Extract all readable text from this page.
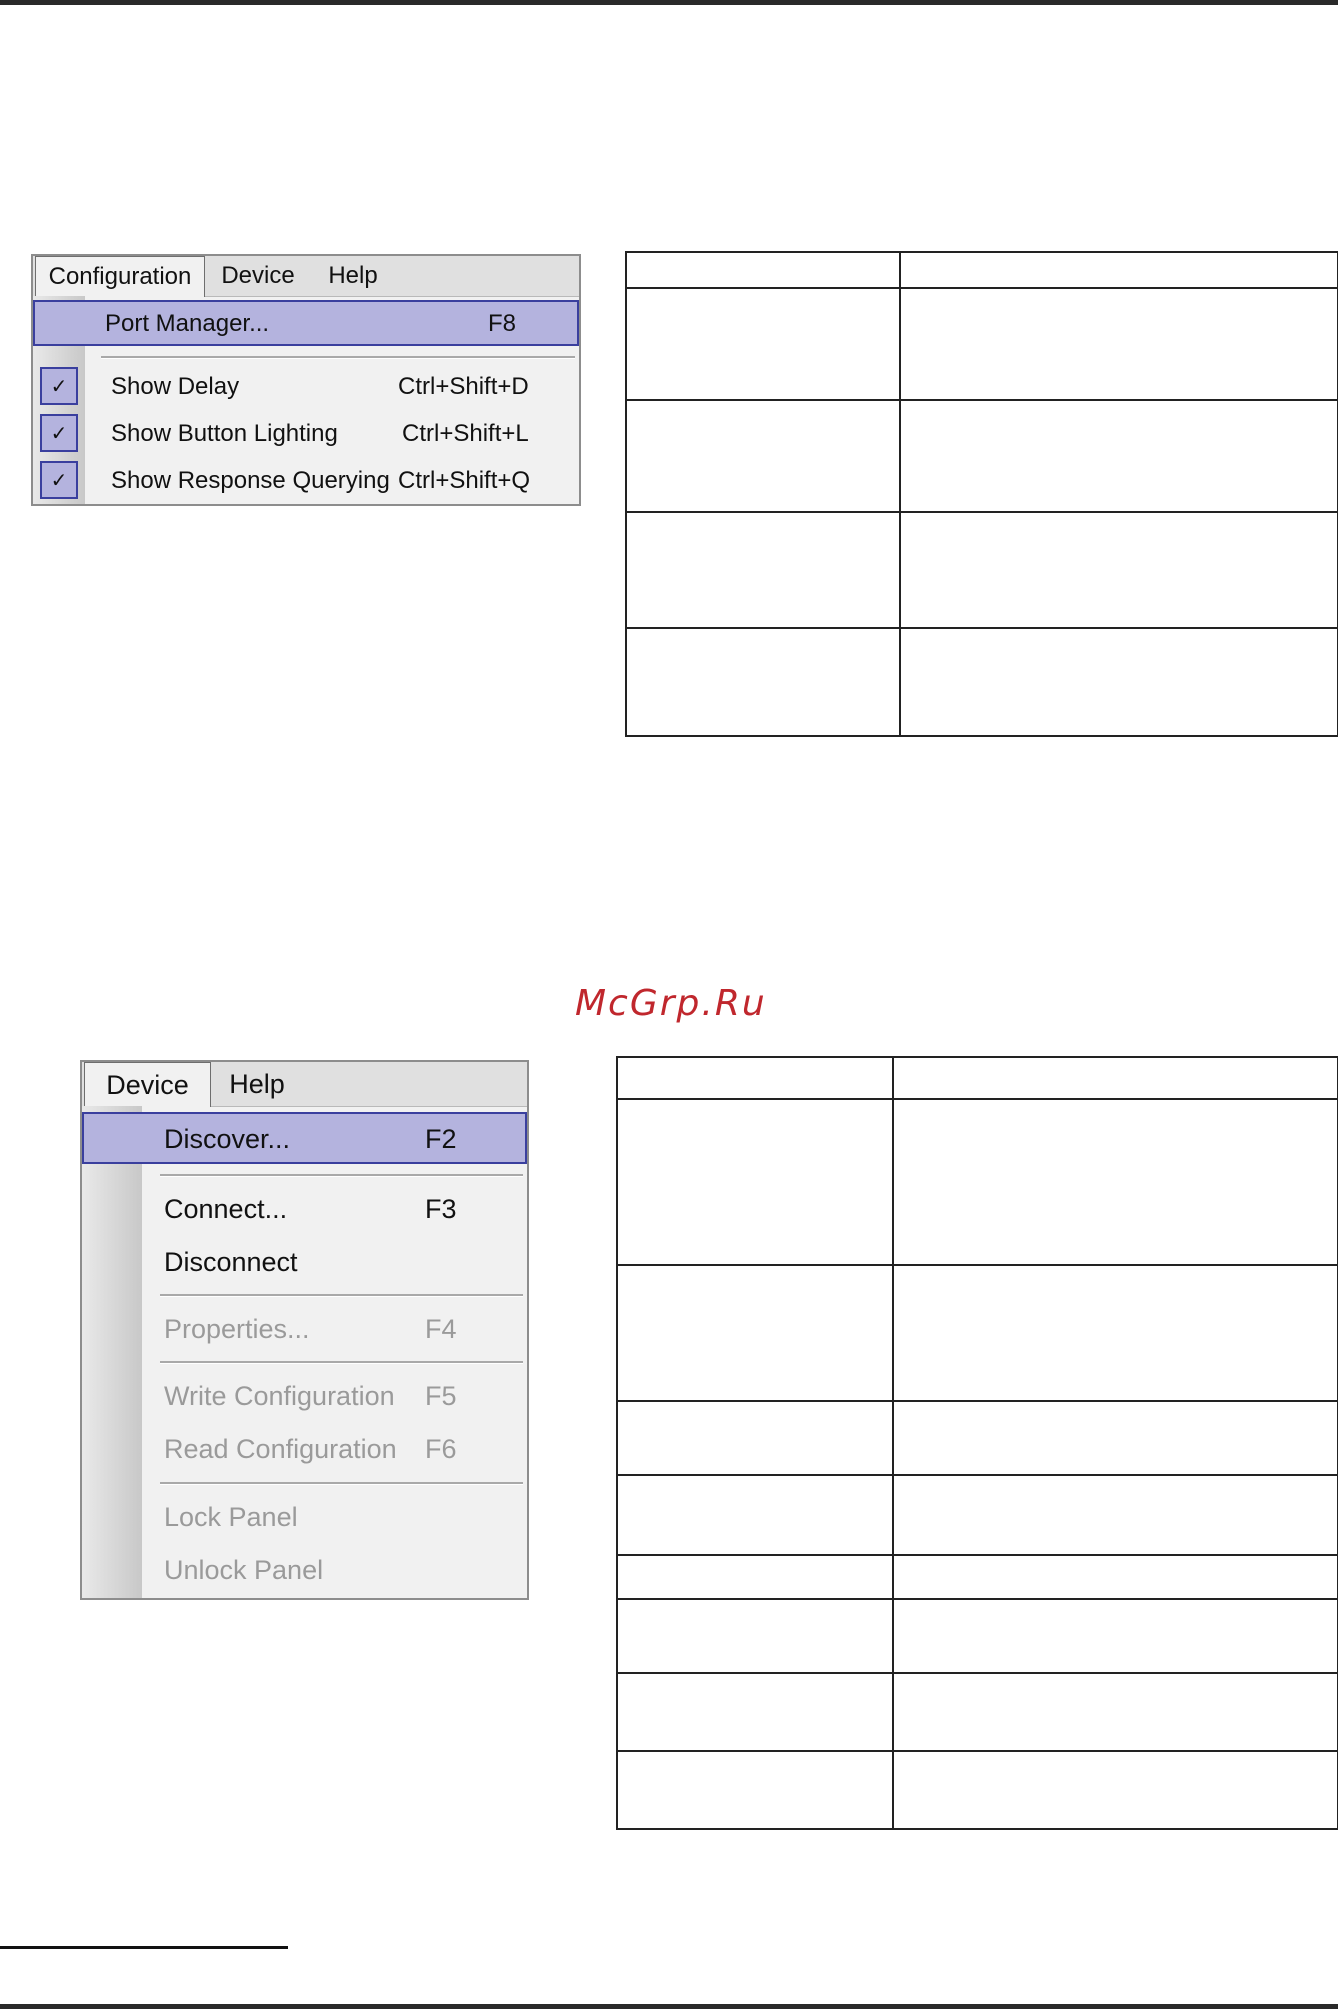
Configuration Device Help
Port Manager...	F8
✓ Show Delay	Ctrl+Shift+D
✓ Show Button Lighting	Ctrl+Shift+L
✓ Show Response Querying Ctrl+Shift+Q

McGrp.Ru
Device Help
Discover...	F2
Connect...	F3
Disconnect
Properties...	F4
Write Configuration F5
Read Configuration F6
Lock Panel
Unlock Panel
